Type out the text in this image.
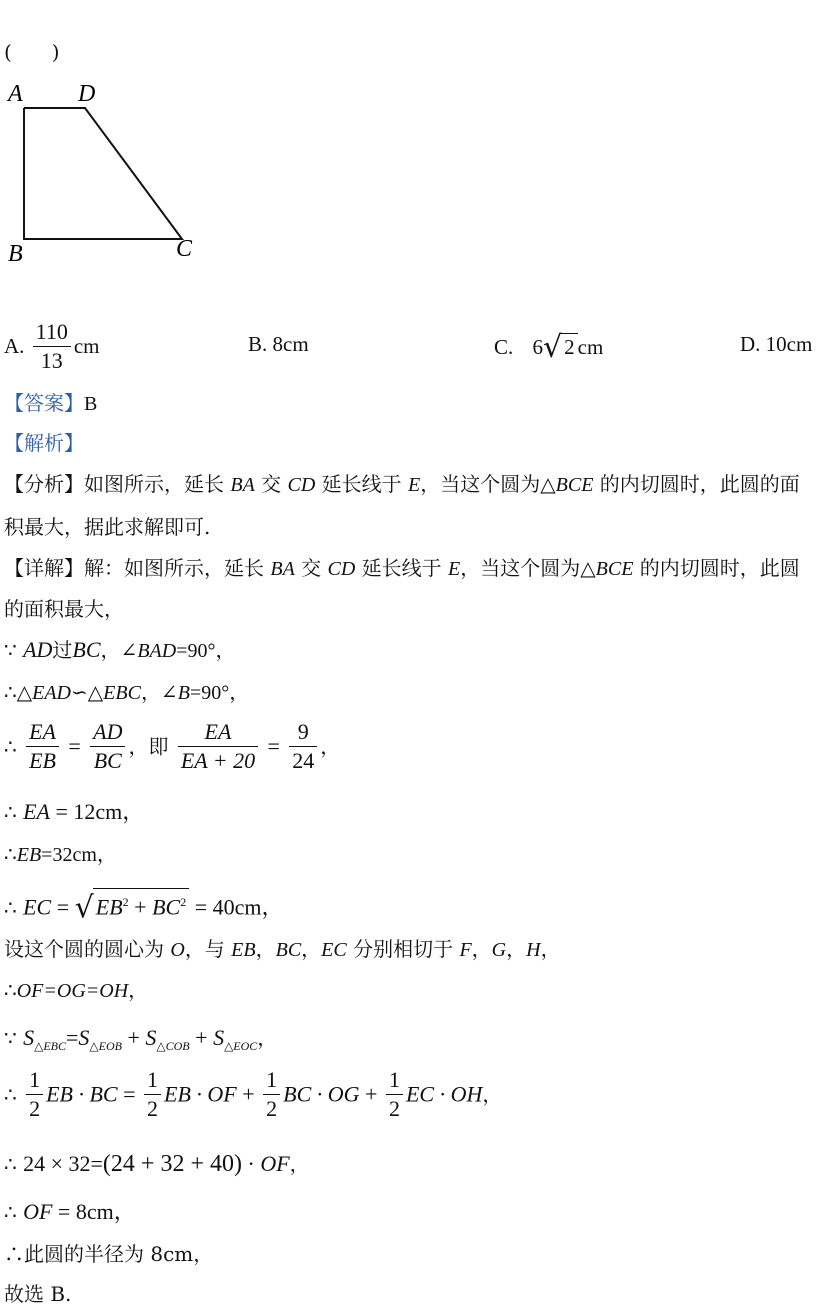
(　　)
A D
B	C
A. $\frac{110}{13}$ cm	B. 8cm	C. 6√2 cm	D. 10cm
【答案】B
【解析】
【分析】如图所示，延长 BA 交 CD 延长线于 E，当这个圆为△BCE 的内切圆时，此圆的面
积最大，据此求解即可.
【详解】解：如图所示，延长 BA 交 CD 延长线于 E，当这个圆为△BCE 的内切圆时，此圆
的面积最大，
∵ AD过BC，∠BAD=90°，
∴△EAD∽△EBC，∠B=90°，
∴ $\frac{EA}{EB} = \frac{AD}{BC}$ ，即 $\frac{EA}{EA + 20} = \frac{9}{24}$ ，
∴ EA = 12cm，
∴EB=32cm，
∴ EC = $√EB^2 + BC^2 = 40cm$，
设这个圆的圆心为 O，与 EB，BC，EC 分别相切于 F，G，H，
∴OF=OG=OH，
∵ $S_{\triangle EBC}=S_{\triangle EOB} + S_{\triangle COB} + S_{\triangle EOC}$，
∴ $\frac{1}{2}$ EB · BC = $\frac{1}{2}$ EB · OF + $\frac{1}{2}$ BC · OG + $\frac{1}{2}$ EC · OH，
∴ 24 × 32=(24 + 32 + 40) · OF，
∴ OF = 8cm，
∴此圆的半径为 8cm，
故选 B.
